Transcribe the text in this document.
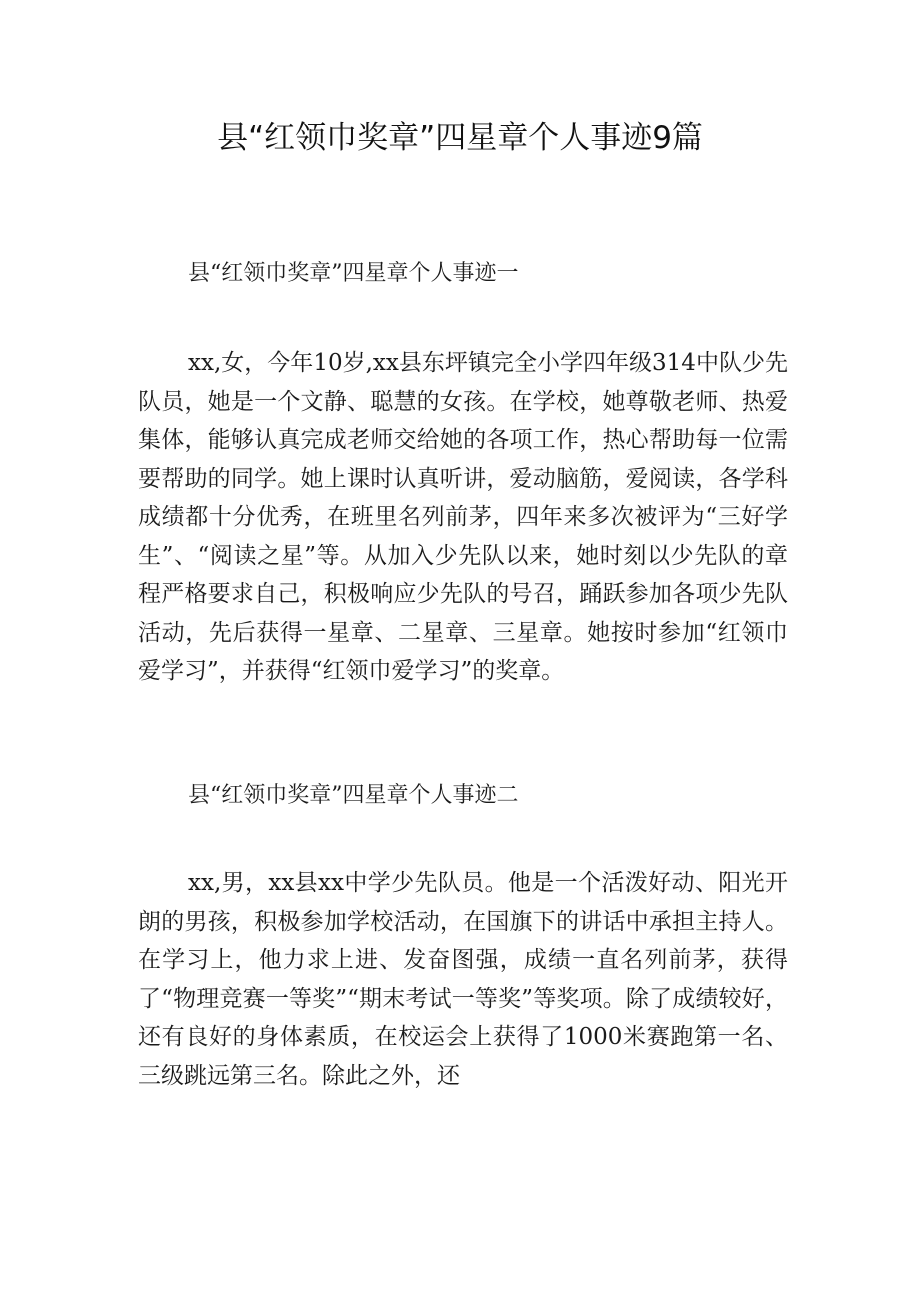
县“红领巾奖章”四星章个人事迹9篇
县“红领巾奖章”四星章个人事迹一

xx,女，今年10岁,xx县东坪镇完全小学四年级314中队少先队员，她是一个文静、聪慧的女孩。在学校，她尊敬老师、热爱集体，能够认真完成老师交给她的各项工作，热心帮助每一位需要帮助的同学。她上课时认真听讲，爱动脑筋，爱阅读，各学科成绩都十分优秀，在班里名列前茅，四年来多次被评为“三好学生”、“阅读之星”等。从加入少先队以来，她时刻以少先队的章程严格要求自己，积极响应少先队的号召，踊跃参加各项少先队活动，先后获得一星章、二星章、三星章。她按时参加“红领巾爱学习”，并获得“红领巾爱学习”的奖章。

县“红领巾奖章”四星章个人事迹二

xx,男，xx县xx中学少先队员。他是一个活泼好动、阳光开朗的男孩，积极参加学校活动，在国旗下的讲话中承担主持人。在学习上，他力求上进、发奋图强，成绩一直名列前茅，获得了“物理竞赛一等奖”“期末考试一等奖”等奖项。除了成绩较好，还有良好的身体素质，在校运会上获得了1000米赛跑第一名、三级跳远第三名。除此之外，还
